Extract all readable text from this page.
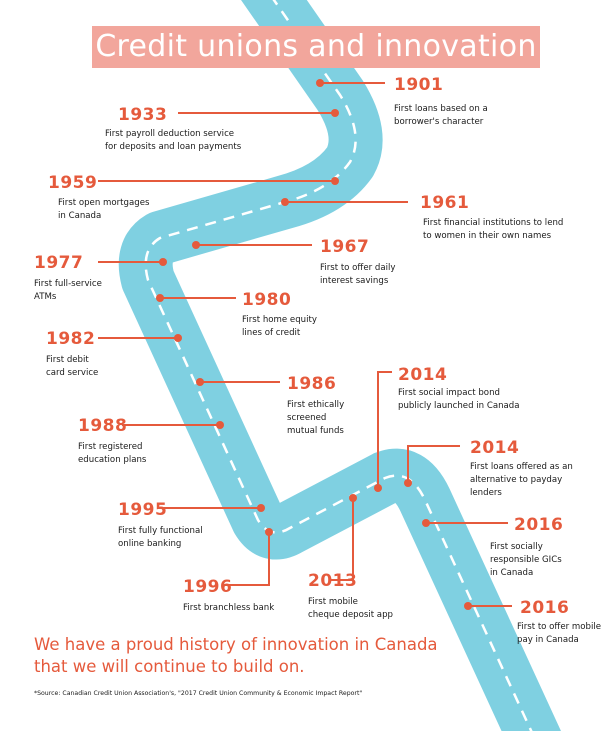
Credit unions and innovation
1901
First loans based on a
borrower's character
1933
First payroll deduction service
for deposits and loan payments
1959
First open mortgages
in Canada
1961
First financial institutions to lend
to women in their own names
1967
First to offer daily
interest savings
1977
First full-service
ATMs	1980
First home equity
lines of credit
1982
First debit
card service
1986
First ethically
screened
mutual funds
1988
First registered
education plans
1995
First fully functional
online banking
1996
First branchless bank
2013
First mobile
cheque deposit app
2014
First social impact bond
publicly launched in Canada
2014
First loans offered as an
alternative to payday
lenders
2016
First socially
responsible GICs
in Canada
2016
First to offer mobile
pay in Canada
We have a proud history of innovation in Canada
that we will continue to build on.
*Source: Canadian Credit Union Association's, "2017 Credit Union Community & Economic Impact Report"
